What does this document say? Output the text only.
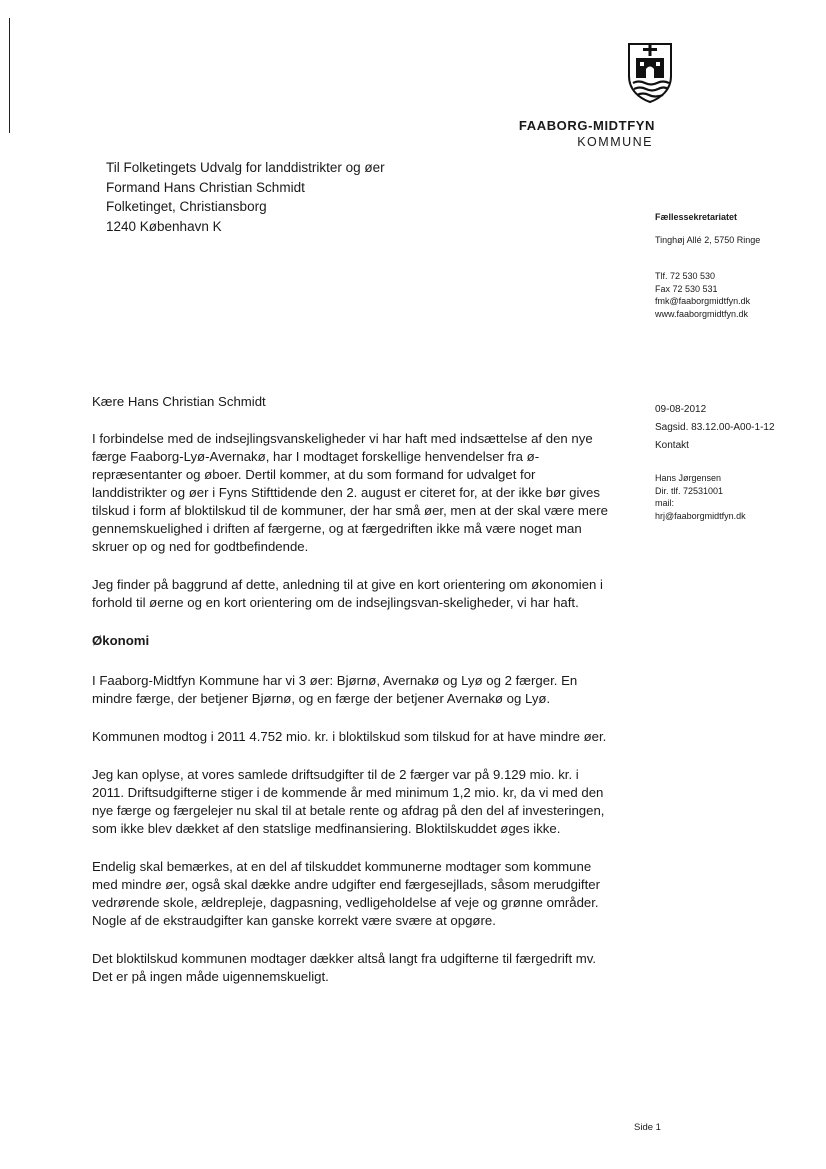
FAABORG-MIDTFYN
KOMMUNE
Til Folketingets Udvalg for landdistrikter og øer
Formand Hans Christian Schmidt
Folketinget, Christiansborg
1240 København K
Fællessekretariatet
Tinghøj Allé 2, 5750 Ringe
Tlf. 72 530 530
Fax 72 530 531
fmk@faaborgmidtfyn.dk
www.faaborgmidtfyn.dk
09-08-2012
Sagsid. 83.12.00-A00-1-12
Kontakt
Hans Jørgensen
Dir. tlf. 72531001
mail:
hrj@faaborgmidtfyn.dk

Kære Hans Christian Schmidt

I forbindelse med de indsejlingsvanskeligheder vi har haft med indsættelse af den nye færge Faaborg-Lyø-Avernakø, har I modtaget forskellige henvendelser fra ø-repræsentanter og øboer. Dertil kommer, at du som formand for udvalget for landdistrikter og øer i Fyns Stifttidende den 2. august er citeret for, at der ikke bør gives tilskud i form af bloktilskud til de kommuner, der har små øer, men at der skal være mere gennemskuelighed i driften af færgerne, og at færgedriften ikke må være noget man skruer op og ned for godtbefindende.

Jeg finder på baggrund af dette, anledning til at give en kort orientering om økonomien i forhold til øerne og en kort orientering om de indsejlingsvan-skeligheder, vi har haft.

Økonomi

I Faaborg-Midtfyn Kommune har vi 3 øer: Bjørnø, Avernakø og Lyø og 2 færger. En mindre færge, der betjener Bjørnø, og en færge der betjener Avernakø og Lyø.

Kommunen modtog i 2011 4.752 mio. kr. i bloktilskud som tilskud for at have mindre øer.

Jeg kan oplyse, at vores samlede driftsudgifter til de 2 færger var på 9.129 mio. kr. i 2011. Driftsudgifterne stiger i de kommende år med minimum 1,2 mio. kr, da vi med den nye færge og færgelejer nu skal til at betale rente og afdrag på den del af investeringen, som ikke blev dækket af den statslige medfinansiering. Bloktilskuddet øges ikke.

Endelig skal bemærkes, at en del af tilskuddet kommunerne modtager som kommune med mindre øer, også skal dække andre udgifter end færgesejllads, såsom merudgifter vedrørende skole, ældrepleje, dagpasning, vedligeholdelse af veje og grønne områder. Nogle af de ekstraudgifter kan ganske korrekt være svære at opgøre.

Det bloktilskud kommunen modtager dækker altså langt fra udgifterne til færgedrift mv. Det er på ingen måde uigennemskueligt.

Side 1
